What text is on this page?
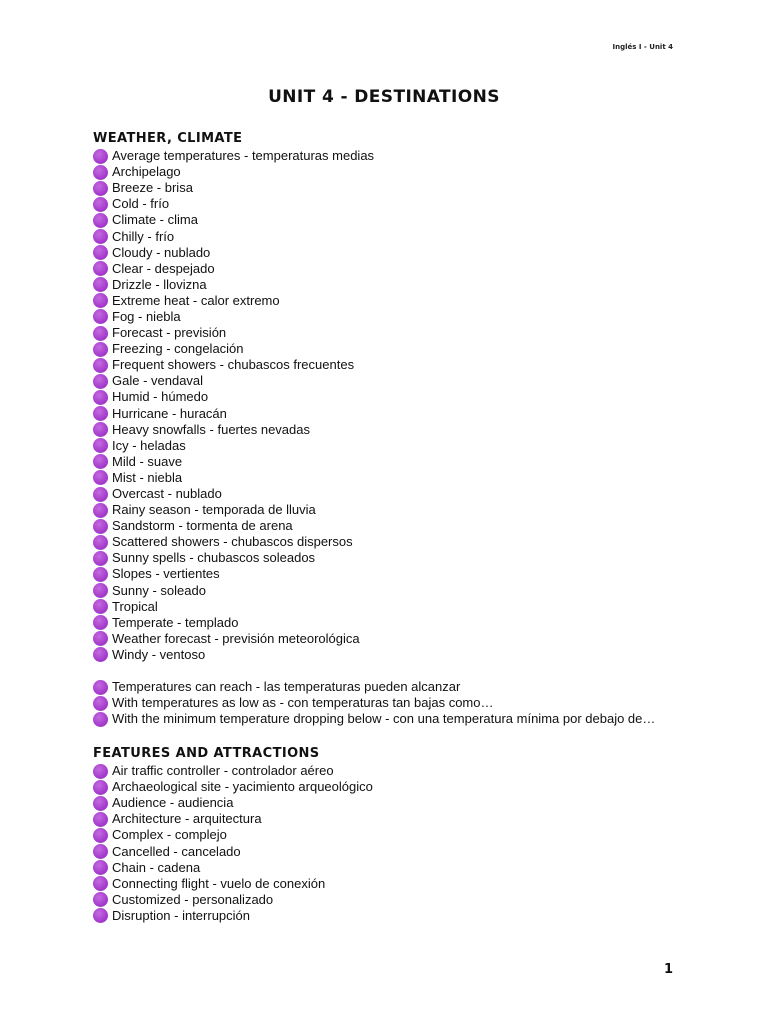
Inglés I - Unit 4
UNIT 4 - DESTINATIONS
WEATHER, CLIMATE
Average temperatures - temperaturas medias
Archipelago
Breeze - brisa
Cold - frío
Climate - clima
Chilly - frío
Cloudy - nublado
Clear - despejado
Drizzle - llovizna
Extreme heat - calor extremo
Fog - niebla
Forecast - previsión
Freezing - congelación
Frequent showers - chubascos frecuentes
Gale - vendaval
Humid - húmedo
Hurricane - huracán
Heavy snowfalls - fuertes nevadas
Icy - heladas
Mild - suave
Mist - niebla
Overcast - nublado
Rainy season - temporada de lluvia
Sandstorm - tormenta de arena
Scattered showers - chubascos dispersos
Sunny spells - chubascos soleados
Slopes - vertientes
Sunny - soleado
Tropical
Temperate - templado
Weather forecast - previsión meteorológica
Windy - ventoso
Temperatures can reach - las temperaturas pueden alcanzar
With temperatures as low as - con temperaturas tan bajas como…
With the minimum temperature dropping below - con una temperatura mínima por debajo de…
FEATURES AND ATTRACTIONS
Air traffic controller - controlador aéreo
Archaeological site - yacimiento arqueológico
Audience - audiencia
Architecture - arquitectura
Complex - complejo
Cancelled - cancelado
Chain - cadena
Connecting flight - vuelo de conexión
Customized - personalizado
Disruption - interrupción
1
